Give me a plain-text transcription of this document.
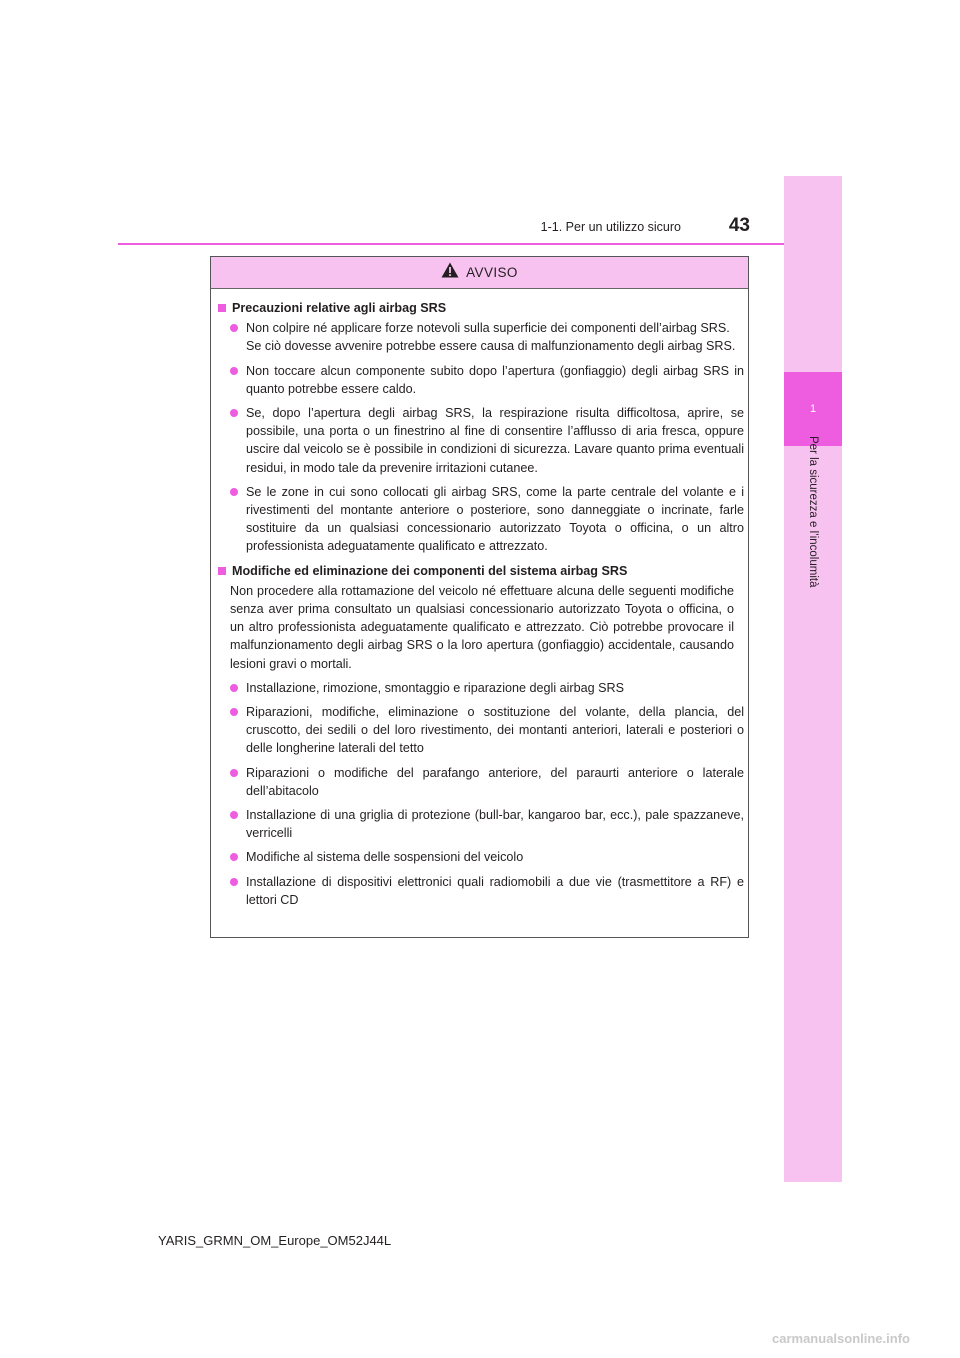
1
Per la sicurezza e l’incolumità
1-1. Per un utilizzo sicuro	43
AVVISO
Precauzioni relative agli airbag SRS
Non colpire né applicare forze notevoli sulla superficie dei componenti dell’airbag SRS.
Se ciò dovesse avvenire potrebbe essere causa di malfunzionamento degli airbag SRS.
Non toccare alcun componente subito dopo l’apertura (gonfiaggio) degli airbag SRS in quanto potrebbe essere caldo.
Se, dopo l’apertura degli airbag SRS, la respirazione risulta difficoltosa, aprire, se possibile, una porta o un finestrino al fine di consentire l’afflusso di aria fresca, oppure uscire dal veicolo se è possibile in condizioni di sicurezza. Lavare quanto prima eventuali residui, in modo tale da prevenire irritazioni cutanee.
Se le zone in cui sono collocati gli airbag SRS, come la parte centrale del volante e i rivestimenti del montante anteriore o posteriore, sono danneggiate o incrinate, farle sostituire da un qualsiasi concessionario autorizzato Toyota o officina, o un altro professionista adeguatamente qualificato e attrezzato.
Modifiche ed eliminazione dei componenti del sistema airbag SRS
Non procedere alla rottamazione del veicolo né effettuare alcuna delle seguenti modifiche senza aver prima consultato un qualsiasi concessionario autorizzato Toyota o officina, o un altro professionista adeguatamente qualificato e attrezzato. Ciò potrebbe provocare il malfunzionamento degli airbag SRS o la loro apertura (gonfiaggio) accidentale, causando lesioni gravi o mortali.
Installazione, rimozione, smontaggio e riparazione degli airbag SRS
Riparazioni, modifiche, eliminazione o sostituzione del volante, della plancia, del cruscotto, dei sedili o del loro rivestimento, dei montanti anteriori, laterali e posteriori o delle longherine laterali del tetto
Riparazioni o modifiche del parafango anteriore, del paraurti anteriore o laterale dell’abitacolo
Installazione di una griglia di protezione (bull-bar, kangaroo bar, ecc.), pale spazzaneve, verricelli
Modifiche al sistema delle sospensioni del veicolo
Installazione di dispositivi elettronici quali radiomobili a due vie (trasmettitore a RF) e lettori CD
YARIS_GRMN_OM_Europe_OM52J44L
carmanualsonline.info
